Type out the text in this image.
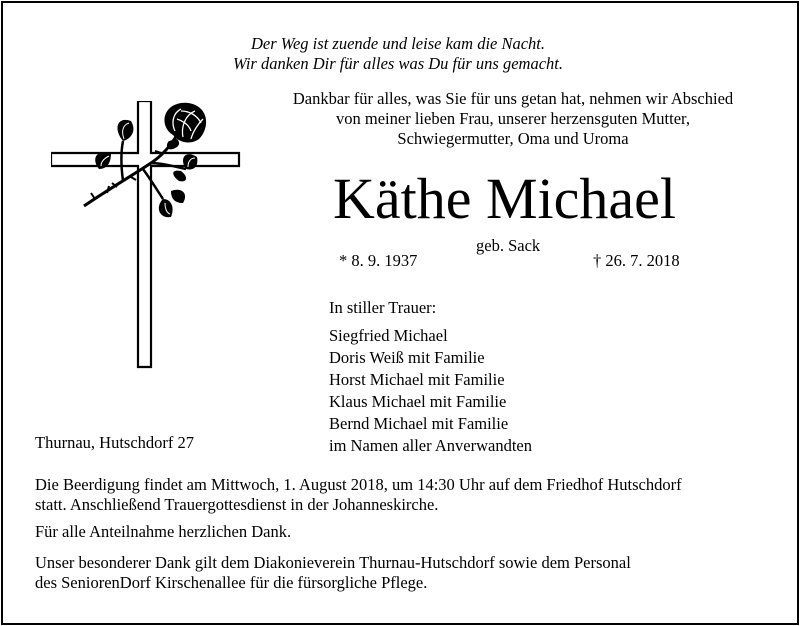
Der Weg ist zuende und leise kam die Nacht.
Wir danken Dir für alles was Du für uns gemacht.
Dankbar für alles, was Sie für uns getan hat, nehmen wir Abschied
von meiner lieben Frau, unserer herzensguten Mutter,
Schwiegermutter, Oma und Uroma
Käthe Michael
geb. Sack
* 8. 9. 1937	† 26. 7. 2018
In stiller Trauer:
Siegfried Michael
Doris Weiß mit Familie
Horst Michael mit Familie
Klaus Michael mit Familie
Bernd Michael mit Familie
im Namen aller Anverwandten
Thurnau, Hutschdorf 27
Die Beerdigung findet am Mittwoch, 1. August 2018, um 14:30 Uhr auf dem Friedhof Hutschdorf
statt. Anschließend Trauergottesdienst in der Johanneskirche.
Für alle Anteilnahme herzlichen Dank.
Unser besonderer Dank gilt dem Diakonieverein Thurnau-Hutschdorf sowie dem Personal
des SeniorenDorf Kirschenallee für die fürsorgliche Pflege.
